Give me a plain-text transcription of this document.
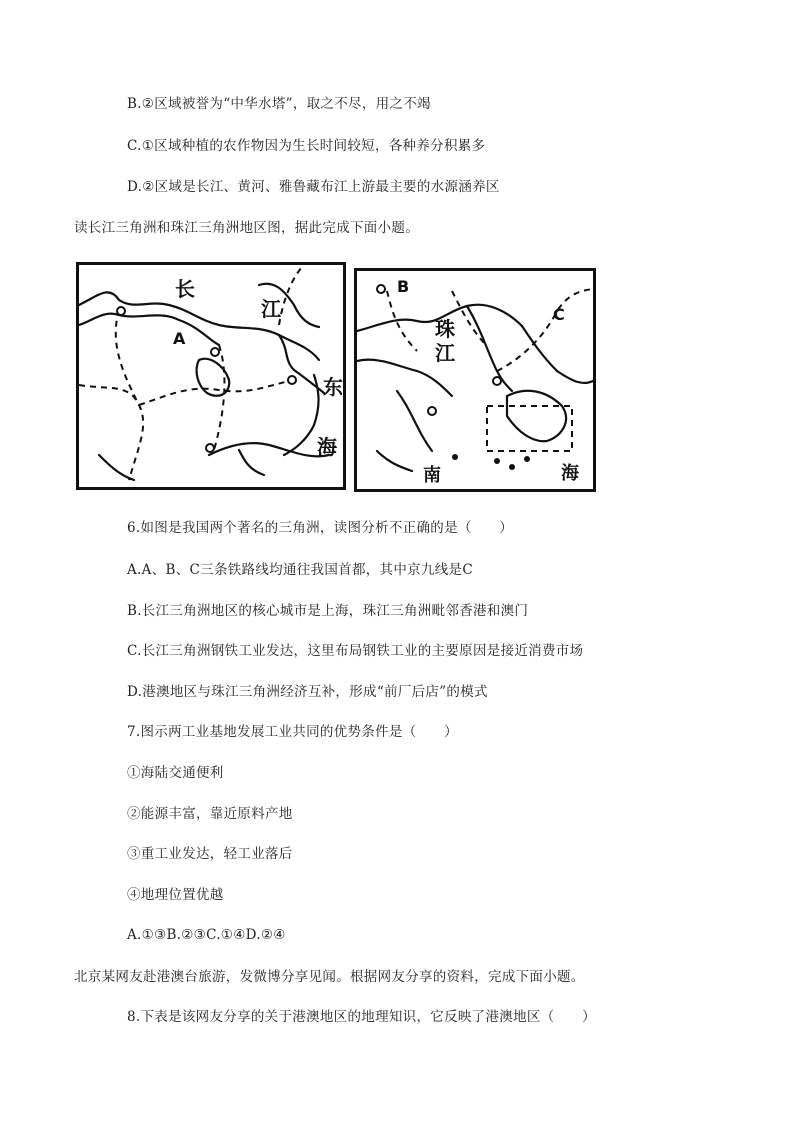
B.②区域被誉为“中华水塔”，取之不尽，用之不竭
C.①区域种植的农作物因为生长时间较短，各种养分积累多
D.②区域是长江、黄河、雅鲁藏布江上游最主要的水源涵养区
读长江三角洲和珠江三角洲地区图，据此完成下面小题。
长
江
A
东
海
B
C
珠
江
南	海
6.如图是我国两个著名的三角洲，读图分析不正确的是（　　）
A.A、B、C三条铁路线均通往我国首都，其中京九线是C
B.长江三角洲地区的核心城市是上海，珠江三角洲毗邻香港和澳门
C.长江三角洲钢铁工业发达，这里布局钢铁工业的主要原因是接近消费市场
D.港澳地区与珠江三角洲经济互补，形成“前厂后店”的模式
7.图示两工业基地发展工业共同的优势条件是（　　）
①海陆交通便利
②能源丰富，靠近原料产地
③重工业发达，轻工业落后
④地理位置优越
A.①③B.②③C.①④D.②④
北京某网友赴港澳台旅游，发微博分享见闻。根据网友分享的资料，完成下面小题。
8.下表是该网友分享的关于港澳地区的地理知识，它反映了港澳地区（　　）
